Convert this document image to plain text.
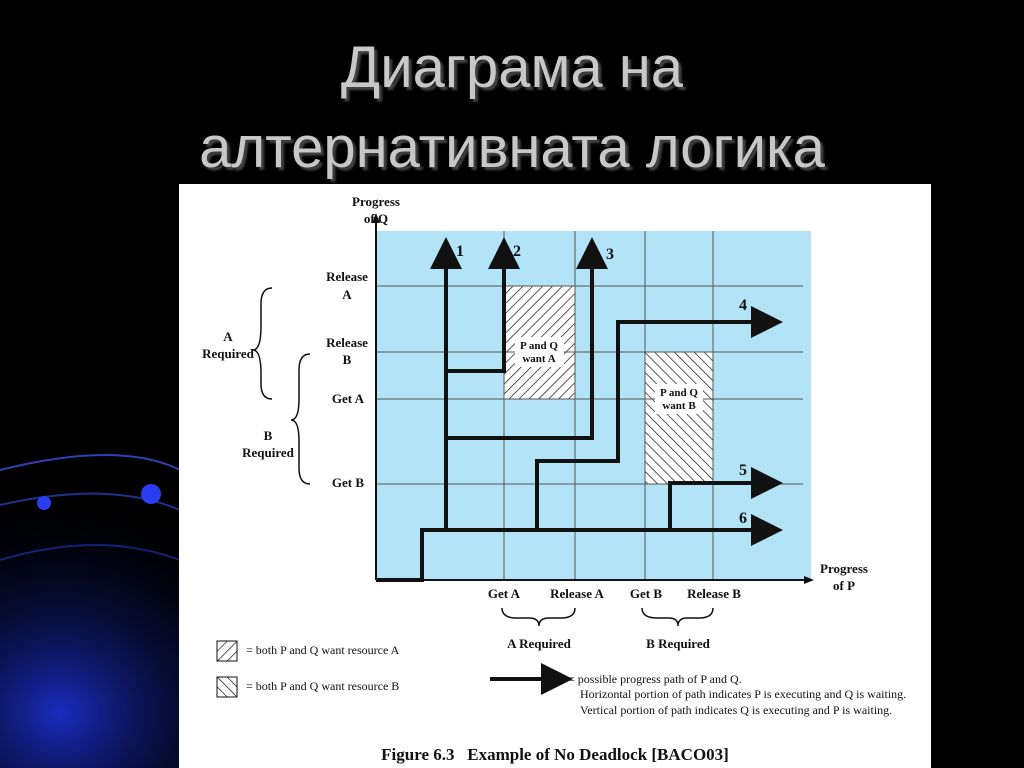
Диаграма на
алтернативната логика
P and Q
want A
P and Q
want B
1	2	3
4
5
6
Progress
of Q
Progress
of P
Release
A
Release
B
Get A
Get B
A
Required
B
Required
Get A Release A Get B Release B
A Required	B Required
= both P and Q want resource A
= both P and Q want resource B	= possible progress path of P and Q.
Horizontal portion of path indicates P is executing and Q is waiting.
Vertical portion of path indicates Q is executing and P is waiting.
Figure 6.3   Example of No Deadlock [BACO03]
